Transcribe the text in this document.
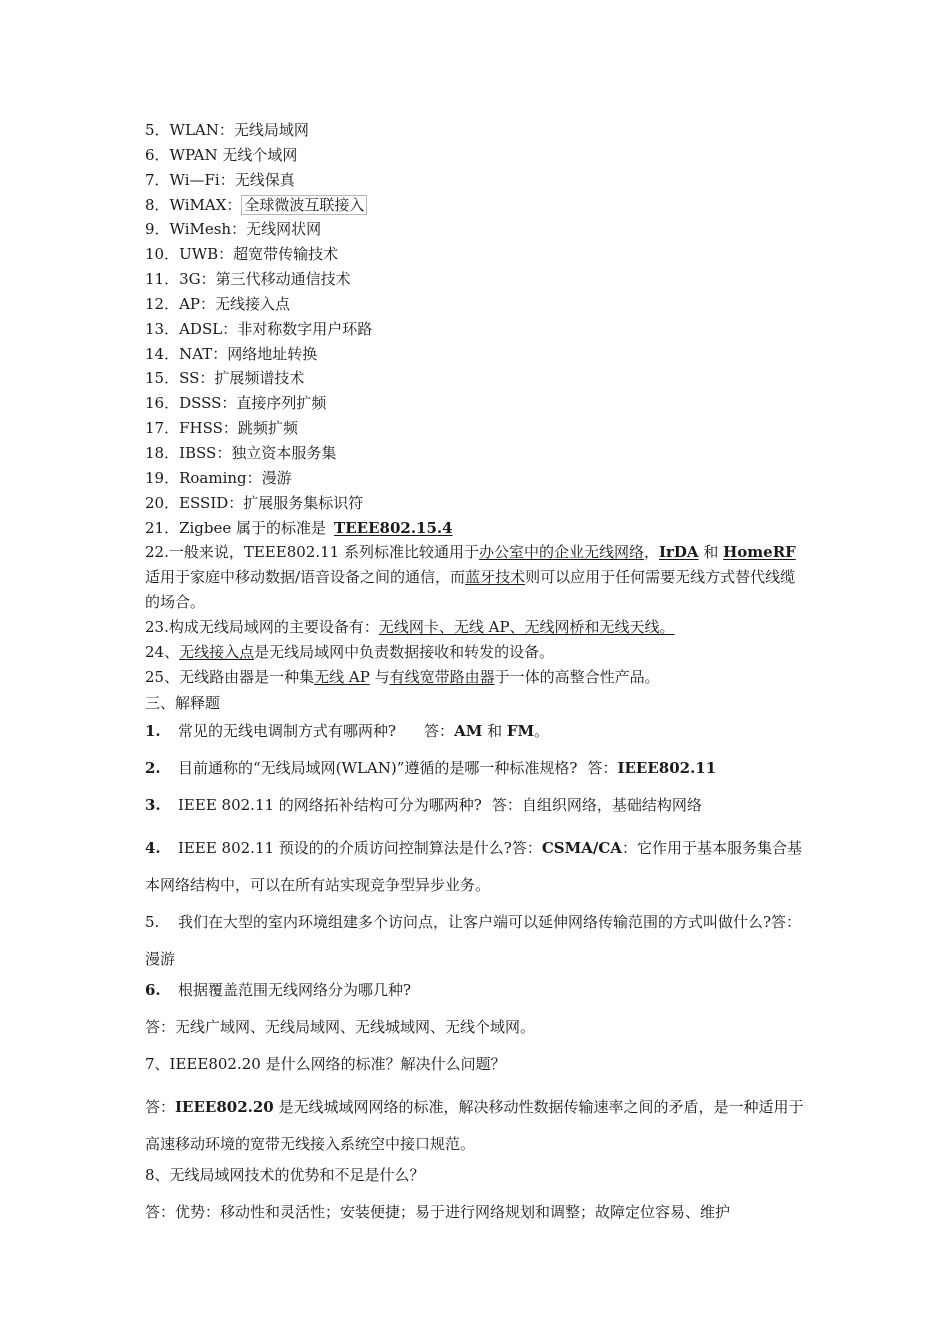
5．WLAN：无线局域网
6．WPAN 无线个域网
7．Wi—Fi：无线保真
8．WiMAX： 全球微波互联接入
9．WiMesh：无线网状网
10．UWB：超宽带传输技术
11．3G：第三代移动通信技术
12．AP：无线接入点
13．ADSL：非对称数字用户环路
14．NAT：网络地址转换
15．SS：扩展频谱技术
16．DSSS：直接序列扩频
17．FHSS：跳频扩频
18．IBSS：独立资本服务集
19．Roaming：漫游
20．ESSID：扩展服务集标识符
21．Zigbee 属于的标准是 TEEE802.15.4
22.一般来说，TEEE802.11 系列标准比较通用于办公室中的企业无线网络，IrDA 和 HomeRF适用于家庭中移动数据/语音设备之间的通信，而蓝牙技术则可以应用于任何需要无线方式替代线缆的场合。
23.构成无线局域网的主要设备有：无线网卡、无线 AP、无线网桥和无线天线。
24、无线接入点是无线局域网中负责数据接收和转发的设备。
25、无线路由器是一种集无线 AP 与有线宽带路由器于一体的高整合性产品。
三、解释题
1. 常见的无线电调制方式有哪两种? 答：AM 和 FM。
2. 目前通称的“无线局域网(WLAN)”遵循的是哪一种标准规格? 答：IEEE802.11
3. IEEE 802.11 的网络拓补结构可分为哪两种? 答：自组织网络，基础结构网络
4. IEEE 802.11 预设的的介质访问控制算法是什么?答：CSMA/CA：它作用于基本服务集合基本网络结构中，可以在所有站实现竞争型异步业务。
5. 我们在大型的室内环境组建多个访问点，让客户端可以延伸网络传输范围的方式叫做什么?答：漫游
6. 根据覆盖范围无线网络分为哪几种?
答：无线广域网、无线局域网、无线城域网、无线个域网。
7、IEEE802.20 是什么网络的标准？解决什么问题？
答：IEEE802.20 是无线城域网网络的标准，解决移动性数据传输速率之间的矛盾，是一种适用于高速移动环境的宽带无线接入系统空中接口规范。
8、无线局域网技术的优势和不足是什么？
答：优势：移动性和灵活性；安装便捷；易于进行网络规划和调整；故障定位容易、维护
